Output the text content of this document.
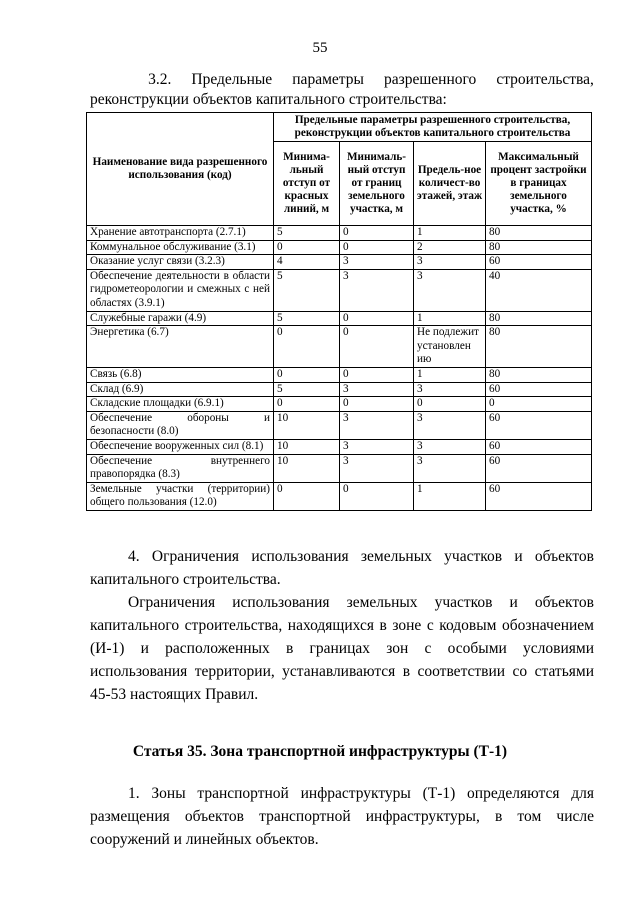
55
3.2. Предельные параметры разрешенного строительства,
реконструкции объектов капитального строительства:
Наименование вида разрешенного использования (код)	Предельные параметры разрешенного строительства, реконструкции объектов капитального строительства			
	Минима-льный отступ от красных линий, м	Минималь-ный отступ от границ земельного участка, м	Предель-ное количест-во этажей, этаж	Максимальный процент застройки в границах земельного участка, %
Хранение автотранспорта (2.7.1)	5	0	1	80
Коммунальное обслуживание (3.1)	0	0	2	80
Оказание услуг связи (3.2.3)	4	3	3	60
Обеспечение деятельности в области гидрометеорологии и смежных с ней областях (3.9.1)	5	3	3	40
Служебные гаражи (4.9)	5	0	1	80
Энергетика (6.7)	0	0	Не подлежит установлен ию	80
Связь (6.8)	0	0	1	80
Склад (6.9)	5	3	3	60
Складские площадки (6.9.1)	0	0	0	0
Обеспечение обороны и безопасности (8.0)	10	3	3	60
Обеспечение вооруженных сил (8.1)	10	3	3	60
Обеспечение внутреннего правопорядка (8.3)	10	3	3	60
Земельные участки (территории) общего пользования (12.0)	0	0	1	60
4. Ограничения использования земельных участков и объектов капитального строительства.
Ограничения использования земельных участков и объектов капитального строительства, находящихся в зоне с кодовым обозначением (И-1) и расположенных в границах зон с особыми условиями использования территории, устанавливаются в соответствии со статьями 45-53 настоящих Правил.
Статья 35. Зона транспортной инфраструктуры (Т-1)
1. Зоны транспортной инфраструктуры (Т-1) определяются для размещения объектов транспортной инфраструктуры, в том числе сооружений и линейных объектов.
